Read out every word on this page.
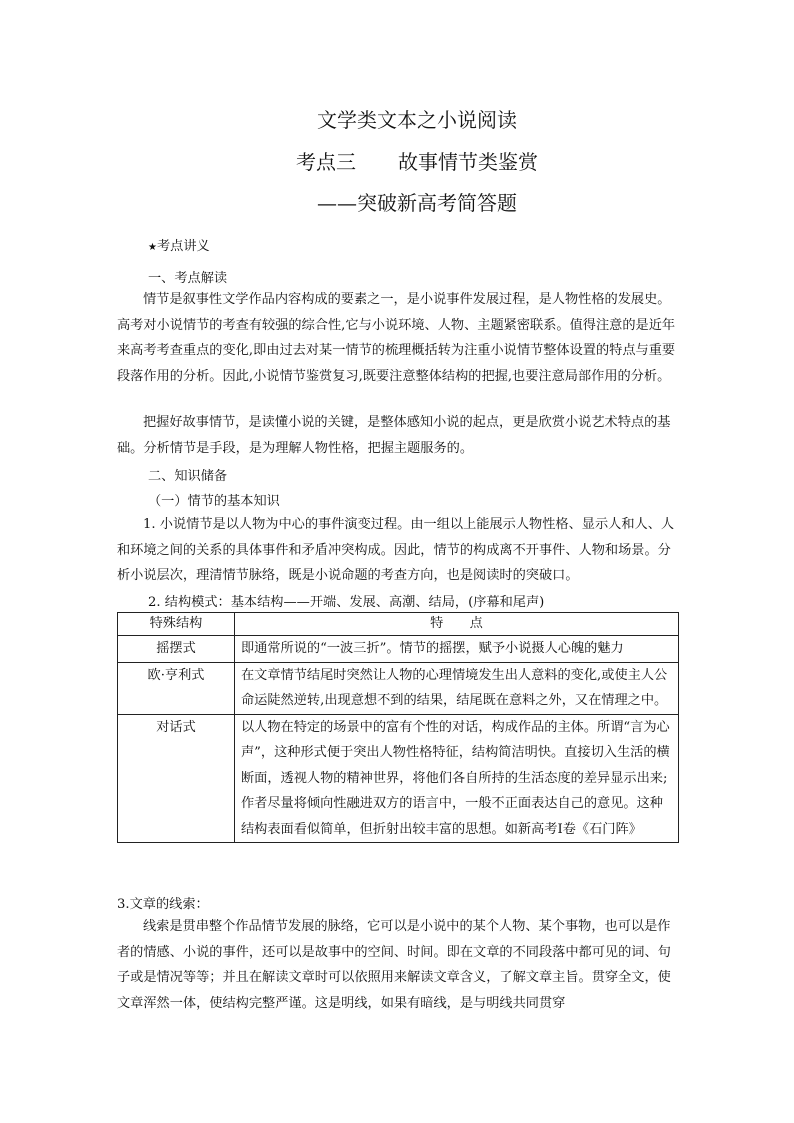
文学类文本之小说阅读
考点三 故事情节类鉴赏
——突破新高考简答题
★考点讲义
一、考点解读
情节是叙事性文学作品内容构成的要素之一，是小说事件发展过程，是人物性格的发展史。高考对小说情节的考查有较强的综合性,它与小说环境、人物、主题紧密联系。值得注意的是近年来高考考查重点的变化,即由过去对某一情节的梳理概括转为注重小说情节整体设置的特点与重要段落作用的分析。因此,小说情节鉴赏复习,既要注意整体结构的把握,也要注意局部作用的分析。
把握好故事情节，是读懂小说的关键，是整体感知小说的起点，更是欣赏小说艺术特点的基础。分析情节是手段，是为理解人物性格，把握主题服务的。
二、知识储备
（一）情节的基本知识
1. 小说情节是以人物为中心的事件演变过程。由一组以上能展示人物性格、显示人和人、人和环境之间的关系的具体事件和矛盾冲突构成。因此，情节的构成离不开事件、人物和场景。分析小说层次，理清情节脉络，既是小说命题的考查方向，也是阅读时的突破口。
2. 结构模式：基本结构——开端、发展、高潮、结局，(序幕和尾声)
特殊结构	特　　点
摇摆式	即通常所说的“一波三折”。情节的摇摆，赋予小说摄人心魄的魅力
欧·亨利式	在文章情节结尾时突然让人物的心理情境发生出人意料的变化,或使主人公命运陡然逆转,出现意想不到的结果，结尾既在意料之外，又在情理之中。
对话式	以人物在特定的场景中的富有个性的对话，构成作品的主体。所谓“言为心声”，这种形式便于突出人物性格特征，结构简洁明快。直接切入生活的横断面，透视人物的精神世界，将他们各自所持的生活态度的差异显示出来;作者尽量将倾向性融进双方的语言中，一般不正面表达自己的意见。这种结构表面看似简单，但折射出较丰富的思想。如新高考Ⅰ卷《石门阵》
3.文章的线索：
线索是贯串整个作品情节发展的脉络，它可以是小说中的某个人物、某个事物，也可以是作者的情感、小说的事件，还可以是故事中的空间、时间。即在文章的不同段落中都可见的词、句子或是情况等等；并且在解读文章时可以依照用来解读文章含义，了解文章主旨。贯穿全文，使文章浑然一体，使结构完整严谨。这是明线，如果有暗线，是与明线共同贯穿
